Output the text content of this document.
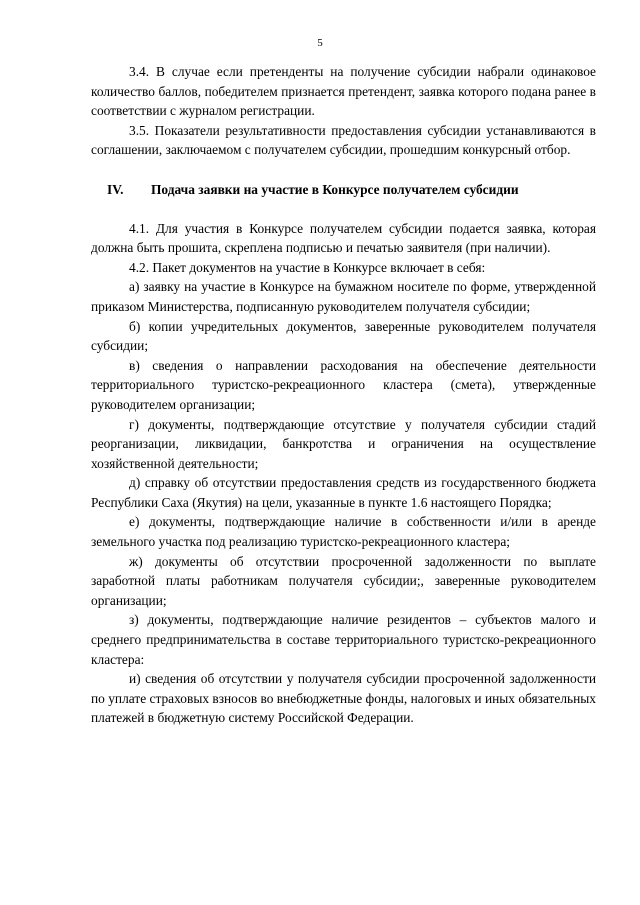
5

3.4. В случае если претенденты на получение субсидии набрали одинаковое количество баллов, победителем признается претендент, заявка которого подана ранее в соответствии с журналом регистрации.

3.5. Показатели результативности предоставления субсидии устанавливаются в соглашении, заключаемом с получателем субсидии, прошедшим конкурсный отбор.

IV. Подача заявки на участие в Конкурсе получателем субсидии

4.1. Для участия в Конкурсе получателем субсидии подается заявка, которая должна быть прошита, скреплена подписью и печатью заявителя (при наличии).

4.2. Пакет документов на участие в Конкурсе включает в себя:

а) заявку на участие в Конкурсе на бумажном носителе по форме, утвержденной приказом Министерства, подписанную руководителем получателя субсидии;

б) копии учредительных документов, заверенные руководителем получателя субсидии;

в) сведения о направлении расходования на обеспечение деятельности территориального туристско-рекреационного кластера (смета), утвержденные руководителем организации;

г) документы, подтверждающие отсутствие у получателя субсидии стадий реорганизации, ликвидации, банкротства и ограничения на осуществление хозяйственной деятельности;

д) справку об отсутствии предоставления средств из государственного бюджета Республики Саха (Якутия) на цели, указанные в пункте 1.6 настоящего Порядка;

е) документы, подтверждающие наличие в собственности и/или в аренде земельного участка под реализацию туристско-рекреационного кластера;

ж) документы об отсутствии просроченной задолженности по выплате заработной платы работникам получателя субсидии;, заверенные руководителем организации;

з) документы, подтверждающие наличие резидентов – субъектов малого и среднего предпринимательства в составе территориального туристско-рекреационного кластера:

и) сведения об отсутствии у получателя субсидии просроченной задолженности по уплате страховых взносов во внебюджетные фонды, налоговых и иных обязательных платежей в бюджетную систему Российской Федерации.
